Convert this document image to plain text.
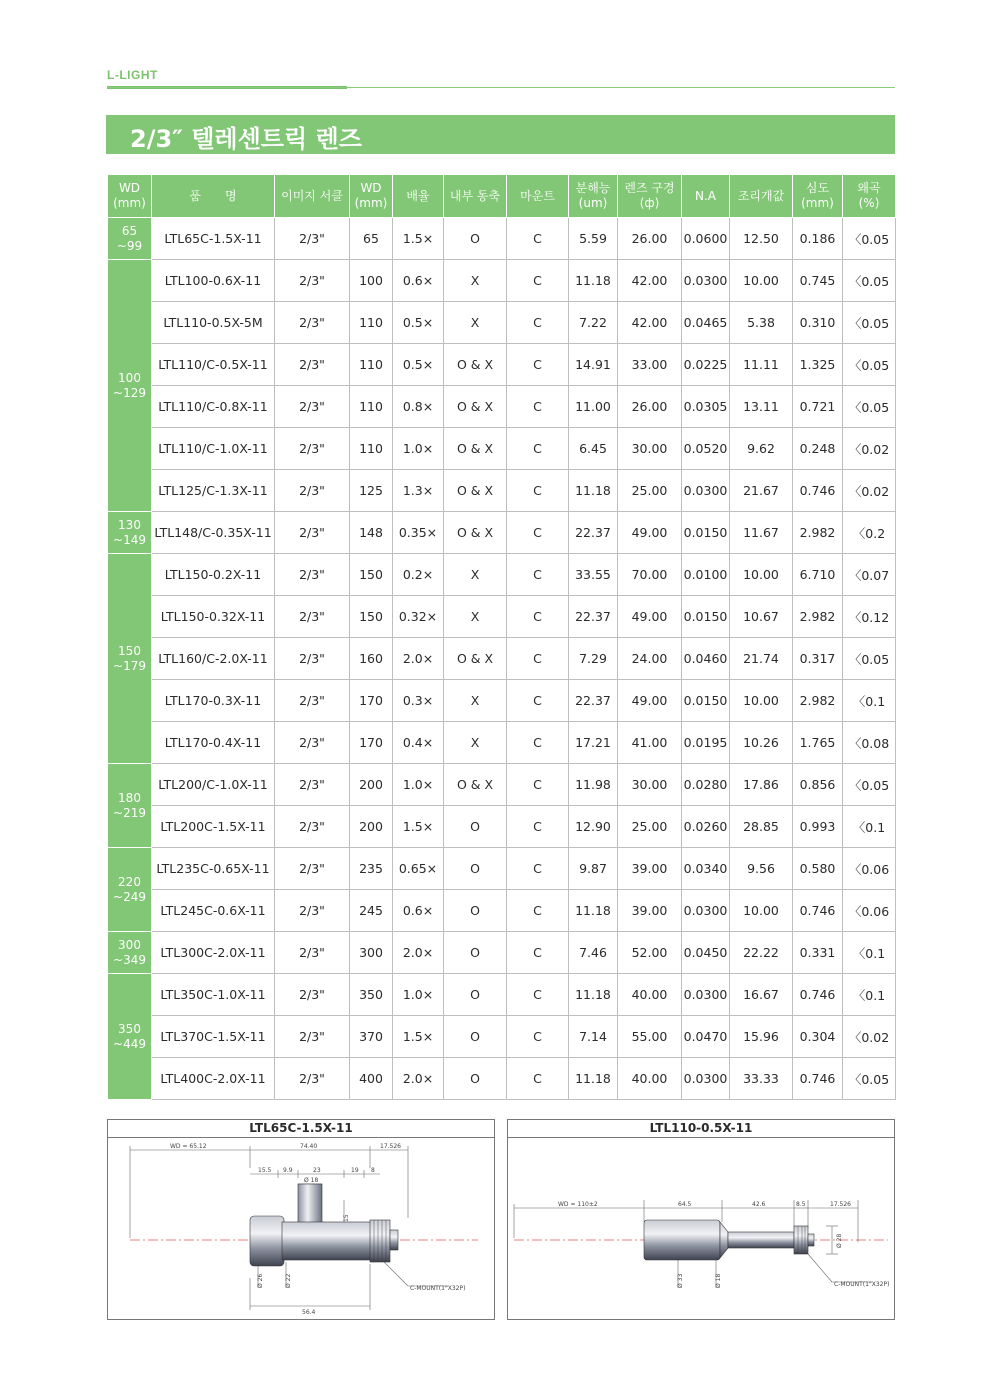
L-LIGHT
2/3″ 텔레센트릭 렌즈
WD
(mm)	품　　명	이미지 서클	WD
(mm)	배율	내부 동축	마운트	분해능
(um)	렌즈 구경
(ф)	N.A	조리개값	심도
(mm)	왜곡
(%)
65
~99	LTL65C-1.5X-11	2/3"	65	1.5×	O	C	5.59	26.00	0.0600	12.50	0.186	〈0.05
100
~129	LTL100-0.6X-11	2/3"	100	0.6×	X	C	11.18	42.00	0.0300	10.00	0.745	〈0.05
	LTL110-0.5X-5M	2/3"	110	0.5×	X	C	7.22	42.00	0.0465	5.38	0.310	〈0.05
	LTL110/C-0.5X-11	2/3"	110	0.5×	O & X	C	14.91	33.00	0.0225	11.11	1.325	〈0.05
	LTL110/C-0.8X-11	2/3"	110	0.8×	O & X	C	11.00	26.00	0.0305	13.11	0.721	〈0.05
	LTL110/C-1.0X-11	2/3"	110	1.0×	O & X	C	6.45	30.00	0.0520	9.62	0.248	〈0.02
	LTL125/C-1.3X-11	2/3"	125	1.3×	O & X	C	11.18	25.00	0.0300	21.67	0.746	〈0.02
130
~149	LTL148/C-0.35X-11	2/3"	148	0.35×	O & X	C	22.37	49.00	0.0150	11.67	2.982	〈0.2
150
~179	LTL150-0.2X-11	2/3"	150	0.2×	X	C	33.55	70.00	0.0100	10.00	6.710	〈0.07
	LTL150-0.32X-11	2/3"	150	0.32×	X	C	22.37	49.00	0.0150	10.67	2.982	〈0.12
	LTL160/C-2.0X-11	2/3"	160	2.0×	O & X	C	7.29	24.00	0.0460	21.74	0.317	〈0.05
	LTL170-0.3X-11	2/3"	170	0.3×	X	C	22.37	49.00	0.0150	10.00	2.982	〈0.1
	LTL170-0.4X-11	2/3"	170	0.4×	X	C	17.21	41.00	0.0195	10.26	1.765	〈0.08
180
~219	LTL200/C-1.0X-11	2/3"	200	1.0×	O & X	C	11.98	30.00	0.0280	17.86	0.856	〈0.05
	LTL200C-1.5X-11	2/3"	200	1.5×	O	C	12.90	25.00	0.0260	28.85	0.993	〈0.1
220
~249	LTL235C-0.65X-11	2/3"	235	0.65×	O	C	9.87	39.00	0.0340	9.56	0.580	〈0.06
	LTL245C-0.6X-11	2/3"	245	0.6×	O	C	11.18	39.00	0.0300	10.00	0.746	〈0.06
300
~349	LTL300C-2.0X-11	2/3"	300	2.0×	O	C	7.46	52.00	0.0450	22.22	0.331	〈0.1
350
~449	LTL350C-1.0X-11	2/3"	350	1.0×	O	C	11.18	40.00	0.0300	16.67	0.746	〈0.1
	LTL370C-1.5X-11	2/3"	370	1.5×	O	C	7.14	55.00	0.0470	15.96	0.304	〈0.02
	LTL400C-2.0X-11	2/3"	400	2.0×	O	C	11.18	40.00	0.0300	33.33	0.746	〈0.05
LTL65C-1.5X-11
WD = 65.12	74.40	17.526
15.5 9.9	23	19 8
Ø 18
15
Ø 26	Ø 22
56.4
C-MOUNT(1"X32P)
LTL110-0.5X-11
WD = 110±2	64.5	42.6	8.5	17.526
Ø 33	Ø 18
Ø 28
C-MOUNT(1"X32P)
